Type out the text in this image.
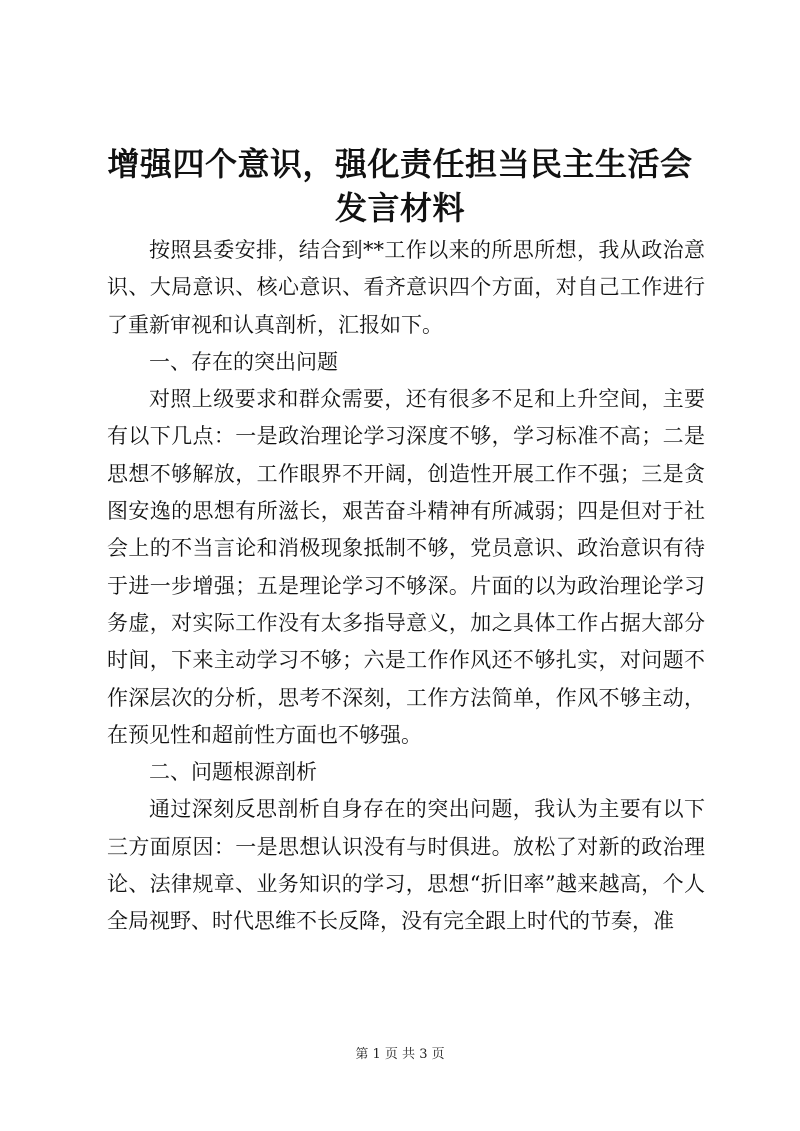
增强四个意识，强化责任担当民主生活会发言材料

按照县委安排，结合到**工作以来的所思所想，我从政治意识、大局意识、核心意识、看齐意识四个方面，对自己工作进行了重新审视和认真剖析，汇报如下。

一、存在的突出问题

对照上级要求和群众需要，还有很多不足和上升空间，主要有以下几点：一是政治理论学习深度不够，学习标准不高；二是思想不够解放，工作眼界不开阔，创造性开展工作不强；三是贪图安逸的思想有所滋长，艰苦奋斗精神有所减弱；四是但对于社会上的不当言论和消极现象抵制不够，党员意识、政治意识有待于进一步增强；五是理论学习不够深。片面的以为政治理论学习务虚，对实际工作没有太多指导意义，加之具体工作占据大部分时间，下来主动学习不够；六是工作作风还不够扎实，对问题不作深层次的分析，思考不深刻，工作方法简单，作风不够主动，在预见性和超前性方面也不够强。

二、问题根源剖析

通过深刻反思剖析自身存在的突出问题，我认为主要有以下三方面原因：一是思想认识没有与时俱进。放松了对新的政治理论、法律规章、业务知识的学习，思想“折旧率”越来越高，个人全局视野、时代思维不长反降，没有完全跟上时代的节奏，准

第 1 页 共 3 页
